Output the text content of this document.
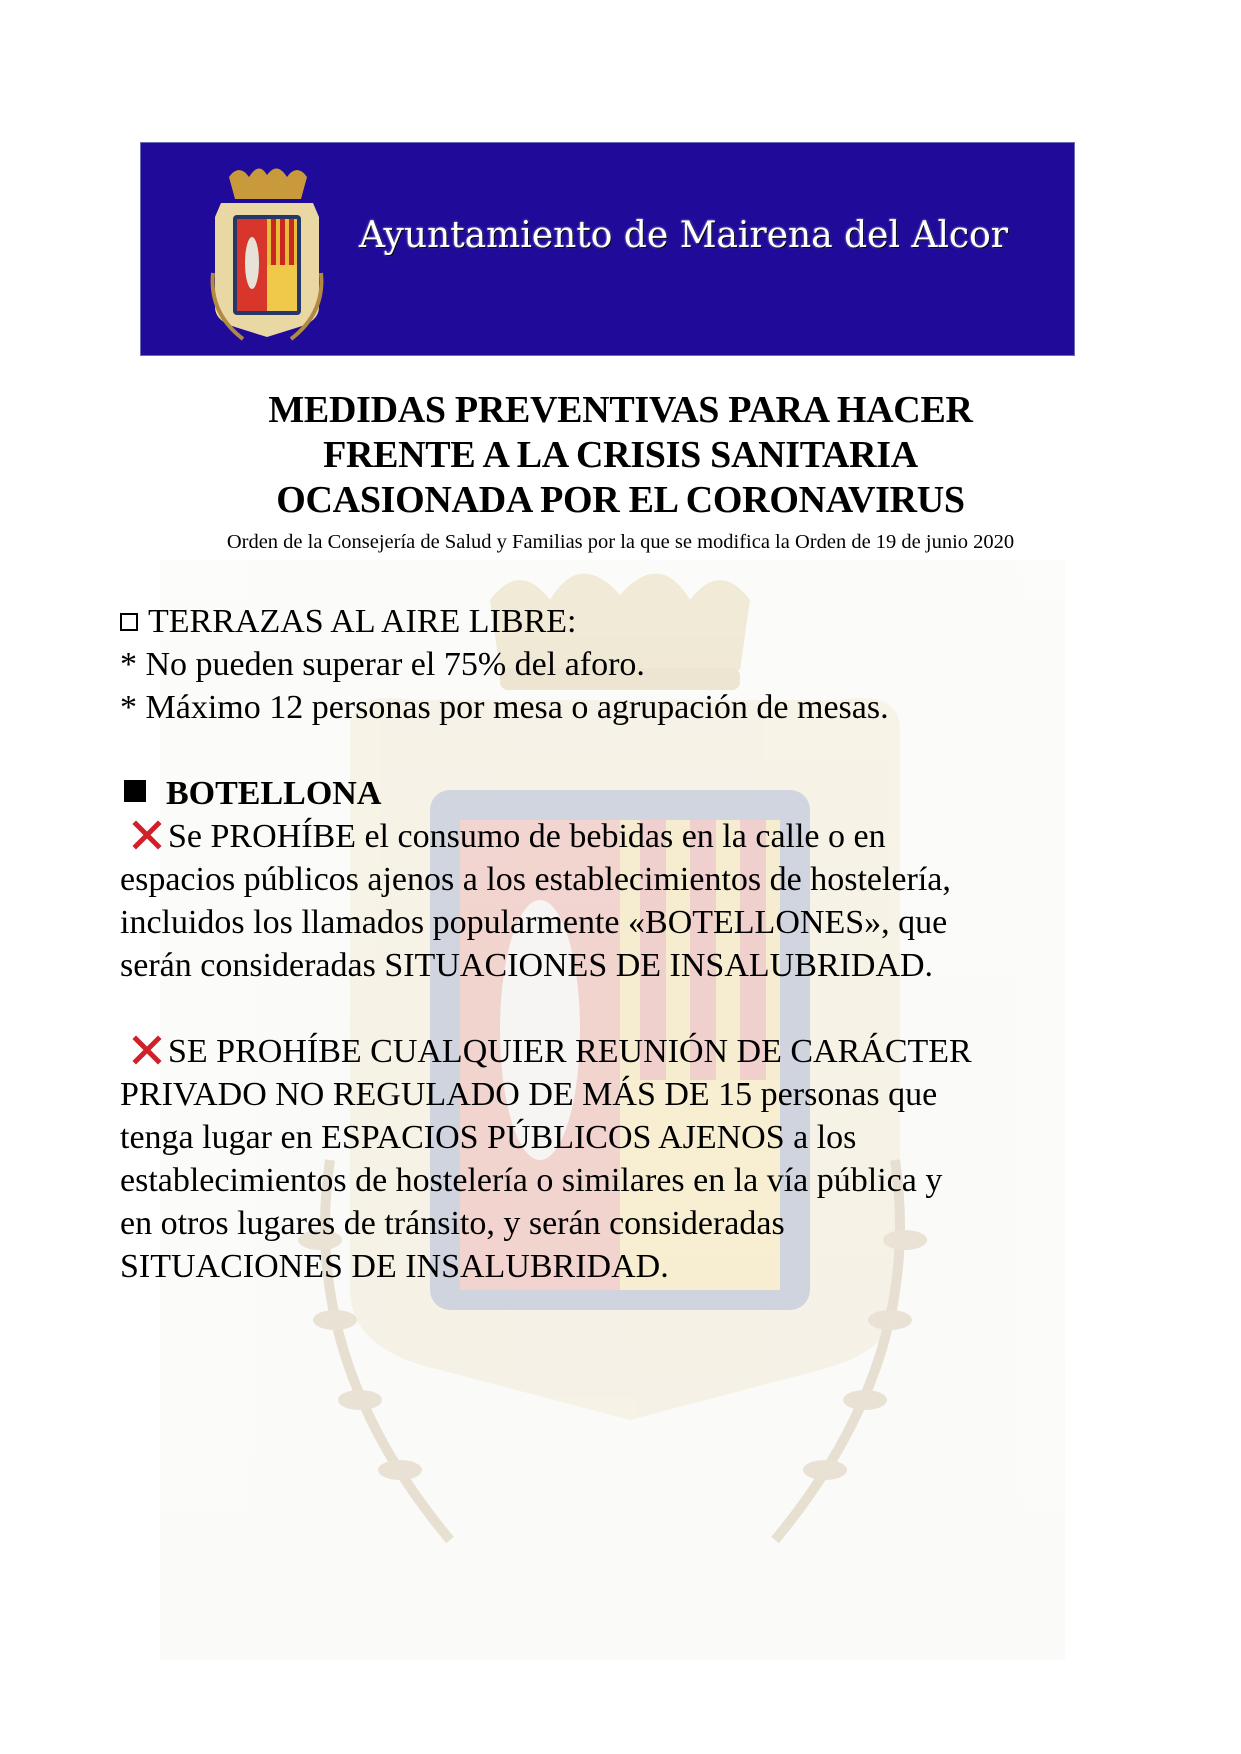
Ayuntamiento de Mairena del Alcor
MEDIDAS PREVENTIVAS PARA HACER
FRENTE A LA CRISIS SANITARIA
OCASIONADA POR EL CORONAVIRUS
Orden de la Consejería de Salud y Familias por la que se modifica la Orden de 19 de junio 2020
TERRAZAS AL AIRE LIBRE:
* No pueden superar el 75% del aforo.
* Máximo 12 personas por mesa o agrupación de mesas.
BOTELLONA
Se PROHÍBE el consumo de bebidas en la calle o en
espacios públicos ajenos a los establecimientos de hostelería,
incluidos los llamados popularmente «BOTELLONES», que
serán consideradas SITUACIONES DE INSALUBRIDAD.
SE PROHÍBE CUALQUIER REUNIÓN DE CARÁCTER
PRIVADO NO REGULADO DE MÁS DE 15 personas que
tenga lugar en ESPACIOS PÚBLICOS AJENOS a los
establecimientos de hostelería o similares en la vía pública y
en otros lugares de tránsito, y serán consideradas
SITUACIONES DE INSALUBRIDAD.
